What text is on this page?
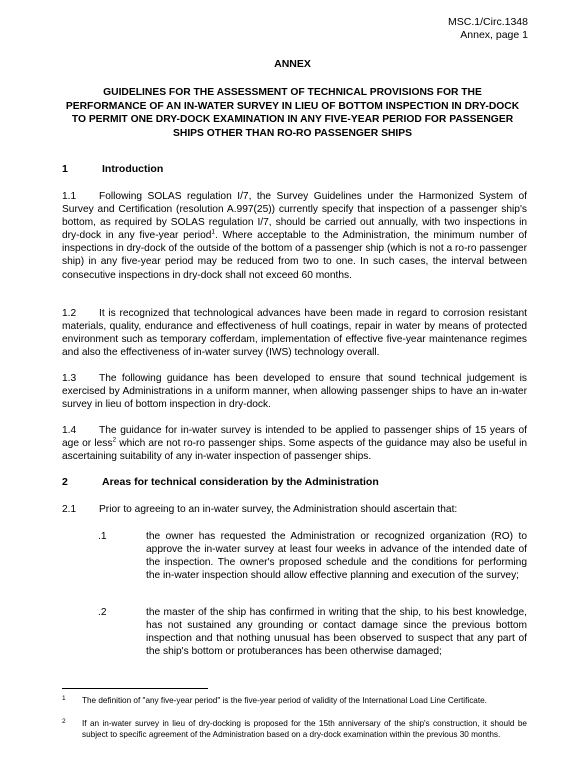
MSC.1/Circ.1348
Annex, page 1
ANNEX
GUIDELINES FOR THE ASSESSMENT OF TECHNICAL PROVISIONS FOR THE PERFORMANCE OF AN IN-WATER SURVEY IN LIEU OF BOTTOM INSPECTION IN DRY-DOCK TO PERMIT ONE DRY-DOCK EXAMINATION IN ANY FIVE-YEAR PERIOD FOR PASSENGER SHIPS OTHER THAN RO-RO PASSENGER SHIPS
1	Introduction
1.1 Following SOLAS regulation I/7, the Survey Guidelines under the Harmonized System of Survey and Certification (resolution A.997(25)) currently specify that inspection of a passenger ship's bottom, as required by SOLAS regulation I/7, should be carried out annually, with two inspections in dry-dock in any five-year period$^1$. Where acceptable to the Administration, the minimum number of inspections in dry-dock of the outside of the bottom of a passenger ship (which is not a ro-ro passenger ship) in any five-year period may be reduced from two to one. In such cases, the interval between consecutive inspections in dry-dock shall not exceed 60 months.
1.2 It is recognized that technological advances have been made in regard to corrosion resistant materials, quality, endurance and effectiveness of hull coatings, repair in water by means of protected environment such as temporary cofferdam, implementation of effective five-year maintenance regimes and also the effectiveness of in-water survey (IWS) technology overall.
1.3 The following guidance has been developed to ensure that sound technical judgement is exercised by Administrations in a uniform manner, when allowing passenger ships to have an in-water survey in lieu of bottom inspection in dry-dock.
1.4 The guidance for in-water survey is intended to be applied to passenger ships of 15 years of age or less$^2$ which are not ro-ro passenger ships. Some aspects of the guidance may also be useful in ascertaining suitability of any in-water inspection of passenger ships.
2	Areas for technical consideration by the Administration
2.1 Prior to agreeing to an in-water survey, the Administration should ascertain that:
.1	the owner has requested the Administration or recognized organization (RO) to approve the in-water survey at least four weeks in advance of the intended date of the inspection. The owner's proposed schedule and the conditions for performing the in-water inspection should allow effective planning and execution of the survey;
.2	the master of the ship has confirmed in writing that the ship, to his best knowledge, has not sustained any grounding or contact damage since the previous bottom inspection and that nothing unusual has been observed to suspect that any part of the ship's bottom or protuberances has been otherwise damaged;
1 The definition of "any five-year period" is the five-year period of validity of the International Load Line Certificate.
2 If an in-water survey in lieu of dry-docking is proposed for the 15th anniversary of the ship's construction, it should be subject to specific agreement of the Administration based on a dry-dock examination within the previous 30 months.
